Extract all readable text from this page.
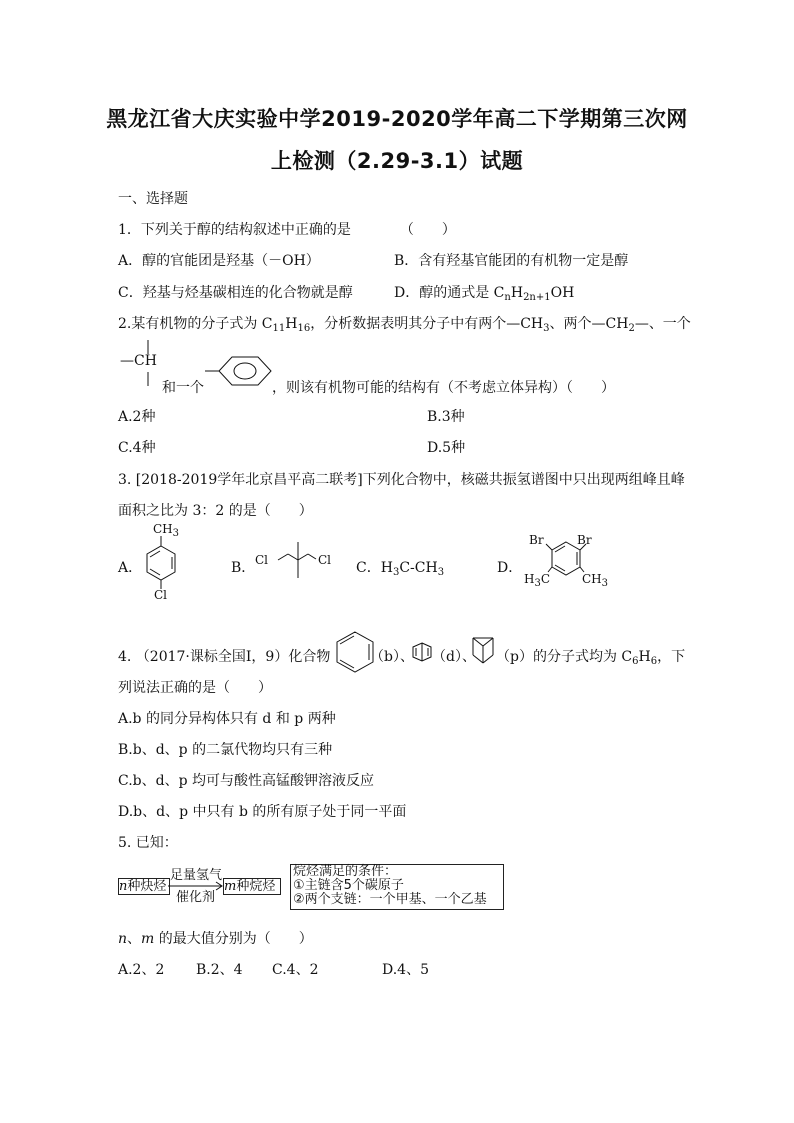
黑龙江省大庆实验中学2019-2020学年高二下学期第三次网
上检测（2.29-3.1）试题
一、选择题
1．下列关于醇的结构叙述中正确的是　　　　（　　）
A．醇的官能团是羟基（－OH）	B．含有羟基官能团的有机物一定是醇
C．羟基与烃基碳相连的化合物就是醇	D．醇的通式是 $C_nH_{2n+1}OH$
2.某有机物的分子式为 $C_{11}H_{16}$，分析数据表明其分子中有两个$—CH_3$、两个$—CH_2—$、一个
—CH
和一个	，则该有机物可能的结构有（不考虑立体异构）（　　）
A.2种	B.3种
C.4种	D.5种
3. [2018-2019学年北京昌平高二联考]下列化合物中，核磁共振氢谱图中只出现两组峰且峰
面积之比为 3：2 的是（　　）
A．
$CH_3$
Cl
B． Cl	Cl C．$H_3C-CH_3$	D．
Br	Br
$H_3C$	$CH_3$
4. （2017·课标全国Ⅰ，9）化合物	（b）、 （d）、 （p）的分子式均为 $C_6H_6$，下
列说法正确的是（　　）
A.b 的同分异构体只有 d 和 p 两种
B.b、d、p 的二氯代物均只有三种
C.b、d、p 均可与酸性高锰酸钾溶液反应
D.b、d、p 中只有 b 的所有原子处于同一平面
5. 已知：
n种炔烃
足量氢气
催化剂
m种烷烃
烷烃满足的条件：
①主链含5个碳原子
②两个支链：一个甲基、一个乙基
n、m 的最大值分别为（　　）
A.2、2 B.2、4 C.4、2	D.4、5
